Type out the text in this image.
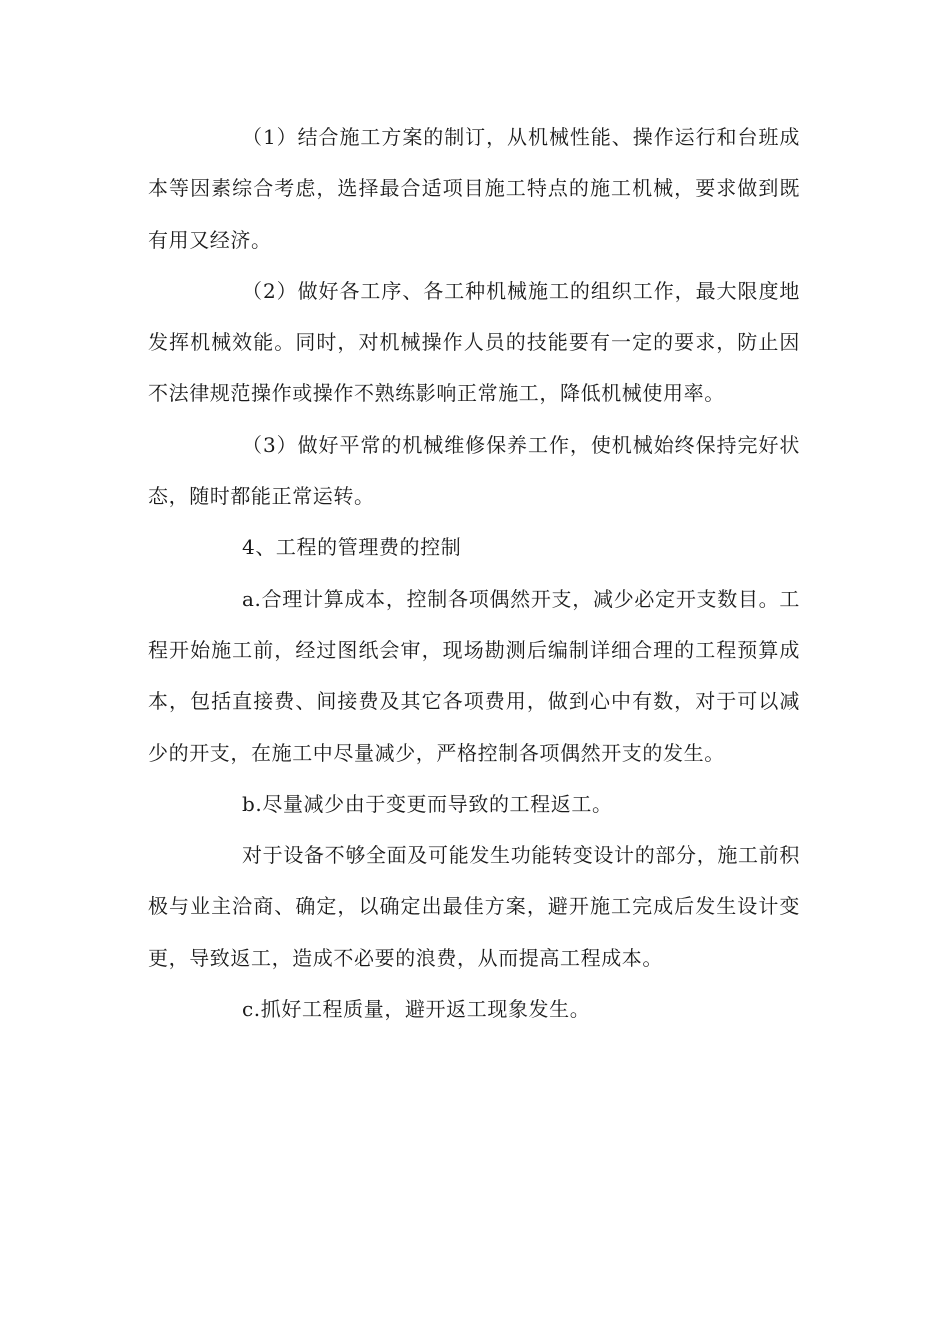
（1）结合施工方案的制订，从机械性能、操作运行和台班成本等因素综合考虑，选择最合适项目施工特点的施工机械，要求做到既有用又经济。

（2）做好各工序、各工种机械施工的组织工作，最大限度地发挥机械效能。同时，对机械操作人员的技能要有一定的要求，防止因不法律规范操作或操作不熟练影响正常施工，降低机械使用率。

（3）做好平常的机械维修保养工作，使机械始终保持完好状态，随时都能正常运转。

4、工程的管理费的控制

a.合理计算成本，控制各项偶然开支，减少必定开支数目。工程开始施工前，经过图纸会审，现场勘测后编制详细合理的工程预算成本，包括直接费、间接费及其它各项费用，做到心中有数，对于可以减少的开支，在施工中尽量减少，严格控制各项偶然开支的发生。

b.尽量减少由于变更而导致的工程返工。

对于设备不够全面及可能发生功能转变设计的部分，施工前积极与业主洽商、确定，以确定出最佳方案，避开施工完成后发生设计变更，导致返工，造成不必要的浪费，从而提高工程成本。

c.抓好工程质量，避开返工现象发生。
